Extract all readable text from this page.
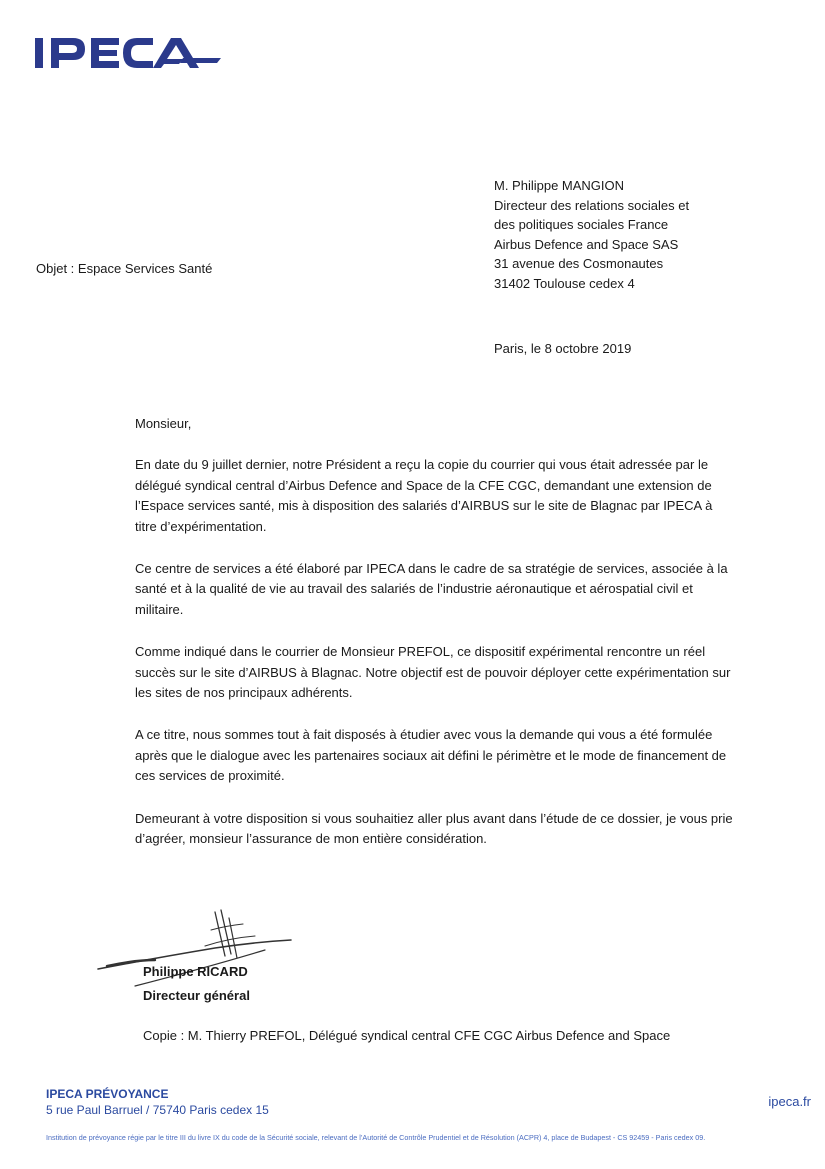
M. Philippe MANGION
Directeur des relations sociales et
des politiques sociales France
Airbus Defence and Space SAS
31 avenue des Cosmonautes
31402 Toulouse cedex 4
Objet : Espace Services Santé
Paris, le 8 octobre 2019

Monsieur,

En date du 9 juillet dernier, notre Président a reçu la copie du courrier qui vous était adressée par le délégué syndical central d’Airbus Defence and Space de la CFE CGC, demandant une extension de l’Espace services santé, mis à disposition des salariés d’AIRBUS sur le site de Blagnac par IPECA à titre d’expérimentation.

Ce centre de services a été élaboré par IPECA dans le cadre de sa stratégie de services, associée à la santé et à la qualité de vie au travail des salariés de l’industrie aéronautique et aérospatial civil et militaire.

Comme indiqué dans le courrier de Monsieur PREFOL, ce dispositif expérimental rencontre un réel succès sur le site d’AIRBUS à Blagnac. Notre objectif est de pouvoir déployer cette expérimentation sur les sites de nos principaux adhérents.

A ce titre, nous sommes tout à fait disposés à étudier avec vous la demande qui vous a été formulée après que le dialogue avec les partenaires sociaux ait défini le périmètre et le mode de financement de ces services de proximité.

Demeurant à votre disposition si vous souhaitiez aller plus avant dans l’étude de ce dossier, je vous prie d’agréer, monsieur l’assurance de mon entière considération.

Philippe RICARD
Directeur général
Copie : M. Thierry PREFOL, Délégué syndical central CFE CGC Airbus Defence and Space
IPECA PRÉVOYANCE
5 rue Paul Barruel / 75740 Paris cedex 15
ipeca.fr
Institution de prévoyance régie par le titre III du livre IX du code de la Sécurité sociale, relevant de l’Autorité de Contrôle Prudentiel et de Résolution (ACPR) 4, place de Budapest - CS 92459 - Paris cedex 09.
